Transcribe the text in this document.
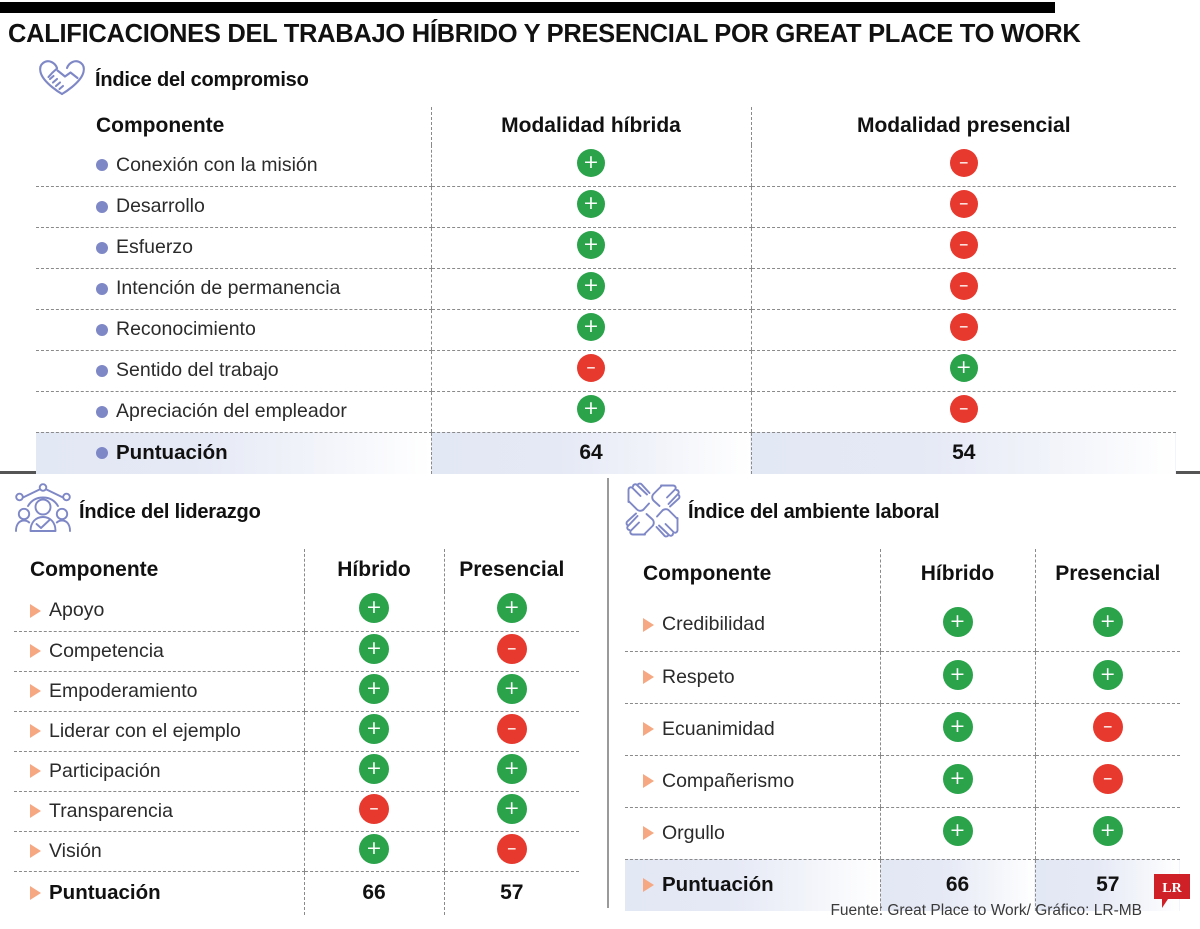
CALIFICACIONES DEL TRABAJO HÍBRIDO Y PRESENCIAL POR GREAT PLACE TO WORK
Índice del compromiso
Componente	Modalidad híbrida	Modalidad presencial

Conexión con la misión	+	–

Desarrollo	+	–

Esfuerzo	+	–

Intención de permanencia	+	–

Reconocimiento	+	–

Sentido del trabajo	–	+

Apreciación del empleador	+	–

Puntuación	64	54
Índice del liderazgo
Componente	Híbrido	Presencial

Apoyo	+	+

Competencia	+	–

Empoderamiento	+	+

Liderar con el ejemplo	+	–

Participación	+	+

Transparencia	–	+

Visión	+	–

Puntuación	66	57
Índice del ambiente laboral
Componente	Híbrido	Presencial

Credibilidad	+	+

Respeto	+	+

Ecuanimidad	+	–

Compañerismo	+	–

Orgullo	+	+

Puntuación	66	57
Fuente: Great Place to Work/ Gráfico: LR-MB
LR
